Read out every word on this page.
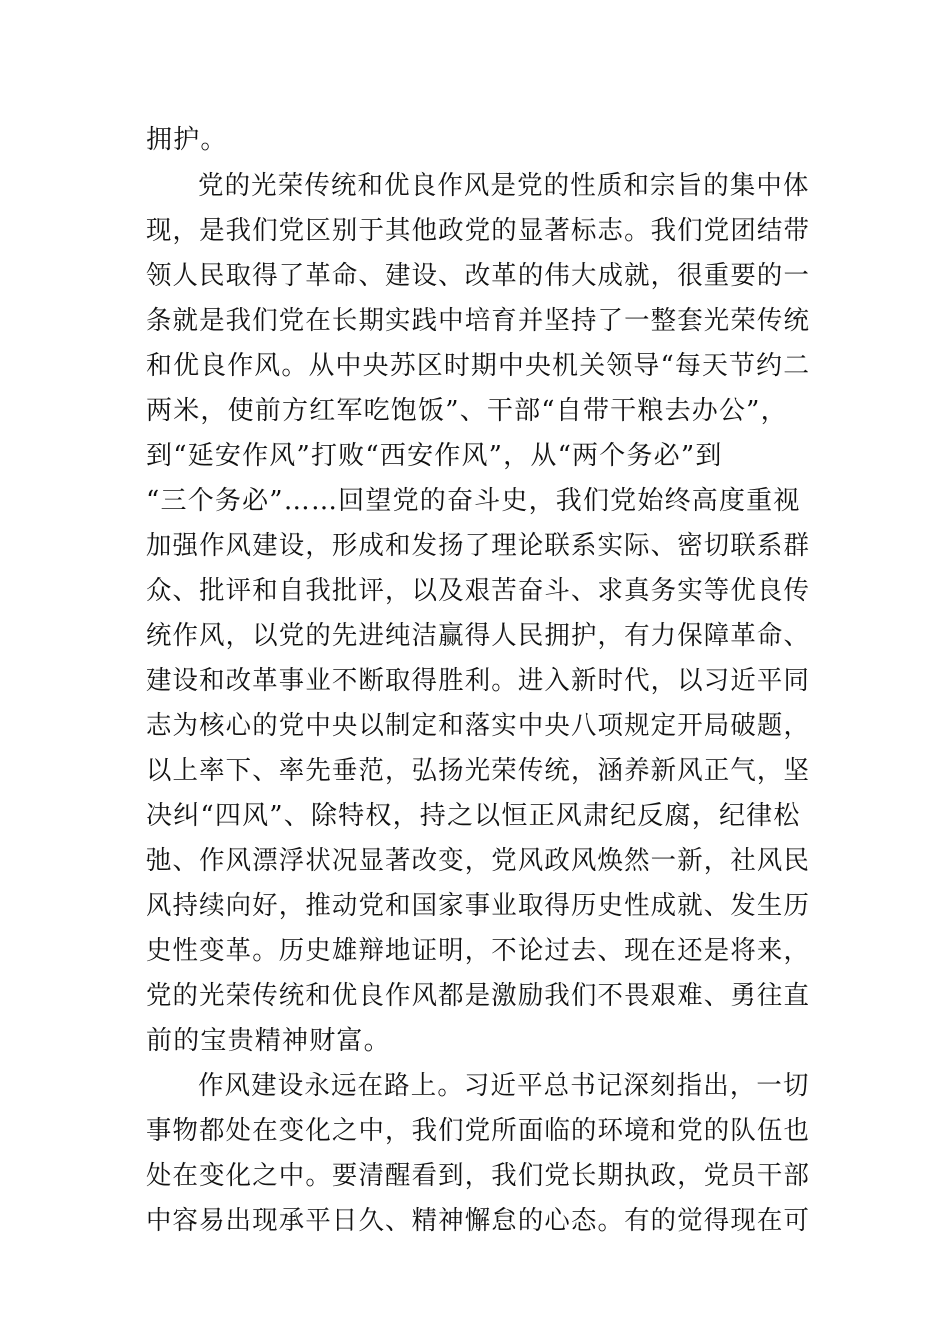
拥护。
党的光荣传统和优良作风是党的性质和宗旨的集中体
现，是我们党区别于其他政党的显著标志。我们党团结带
领人民取得了革命、建设、改革的伟大成就，很重要的一
条就是我们党在长期实践中培育并坚持了一整套光荣传统
和优良作风。从中央苏区时期中央机关领导“每天节约二
两米，使前方红军吃饱饭”、干部“自带干粮去办公”，
到“延安作风”打败“西安作风”，从“两个务必”到
“三个务必”……回望党的奋斗史，我们党始终高度重视
加强作风建设，形成和发扬了理论联系实际、密切联系群
众、批评和自我批评，以及艰苦奋斗、求真务实等优良传
统作风，以党的先进纯洁赢得人民拥护，有力保障革命、
建设和改革事业不断取得胜利。进入新时代，以习近平同
志为核心的党中央以制定和落实中央八项规定开局破题，
以上率下、率先垂范，弘扬光荣传统，涵养新风正气，坚
决纠“四风”、除特权，持之以恒正风肃纪反腐，纪律松
弛、作风漂浮状况显著改变，党风政风焕然一新，社风民
风持续向好，推动党和国家事业取得历史性成就、发生历
史性变革。历史雄辩地证明，不论过去、现在还是将来，
党的光荣传统和优良作风都是激励我们不畏艰难、勇往直
前的宝贵精神财富。
作风建设永远在路上。习近平总书记深刻指出，一切
事物都处在变化之中，我们党所面临的环境和党的队伍也
处在变化之中。要清醒看到，我们党长期执政，党员干部
中容易出现承平日久、精神懈怠的心态。有的觉得现在可
